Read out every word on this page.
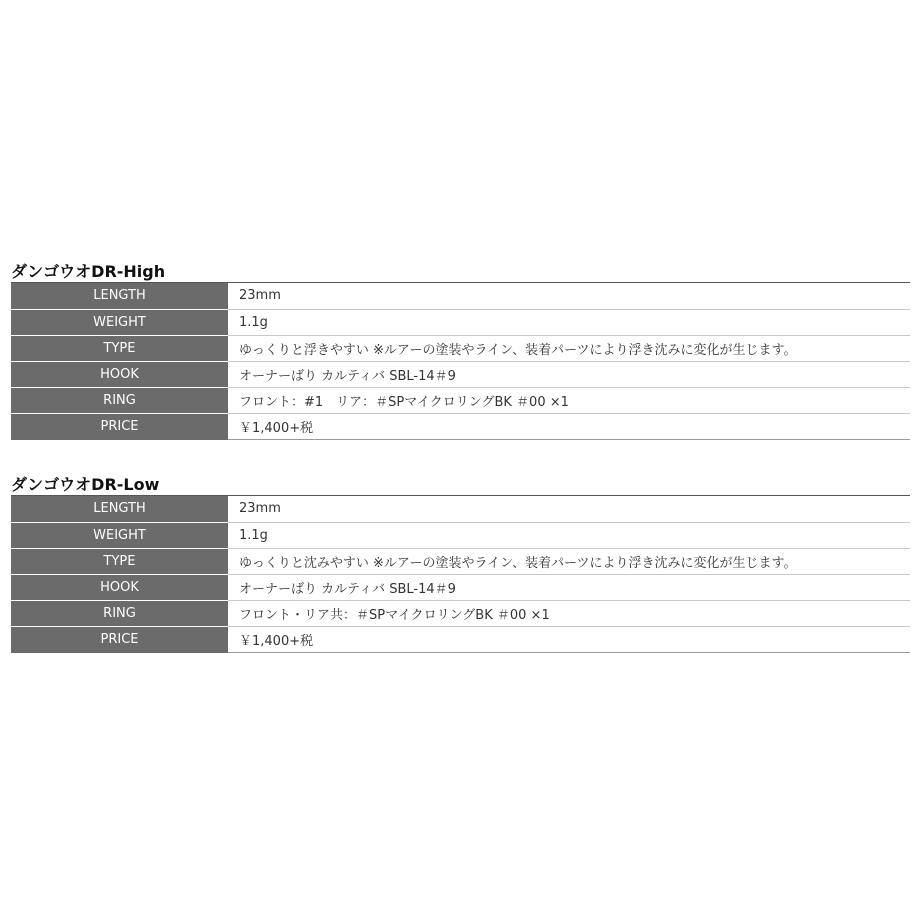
ダンゴウオDR-High
LENGTH	23mm
WEIGHT	1.1g
TYPE	ゆっくりと浮きやすい ※ルアーの塗装やライン、装着パーツにより浮き沈みに変化が生じます。
HOOK	オーナーばり カルティバ SBL-14＃9
RING	フロント：#1　リア：＃SPマイクロリングBK ＃00 ×1
PRICE	￥1,400+税
ダンゴウオDR-Low
LENGTH	23mm
WEIGHT	1.1g
TYPE	ゆっくりと沈みやすい ※ルアーの塗装やライン、装着パーツにより浮き沈みに変化が生じます。
HOOK	オーナーばり カルティバ SBL-14＃9
RING	フロント・リア共：＃SPマイクロリングBK ＃00 ×1
PRICE	￥1,400+税
